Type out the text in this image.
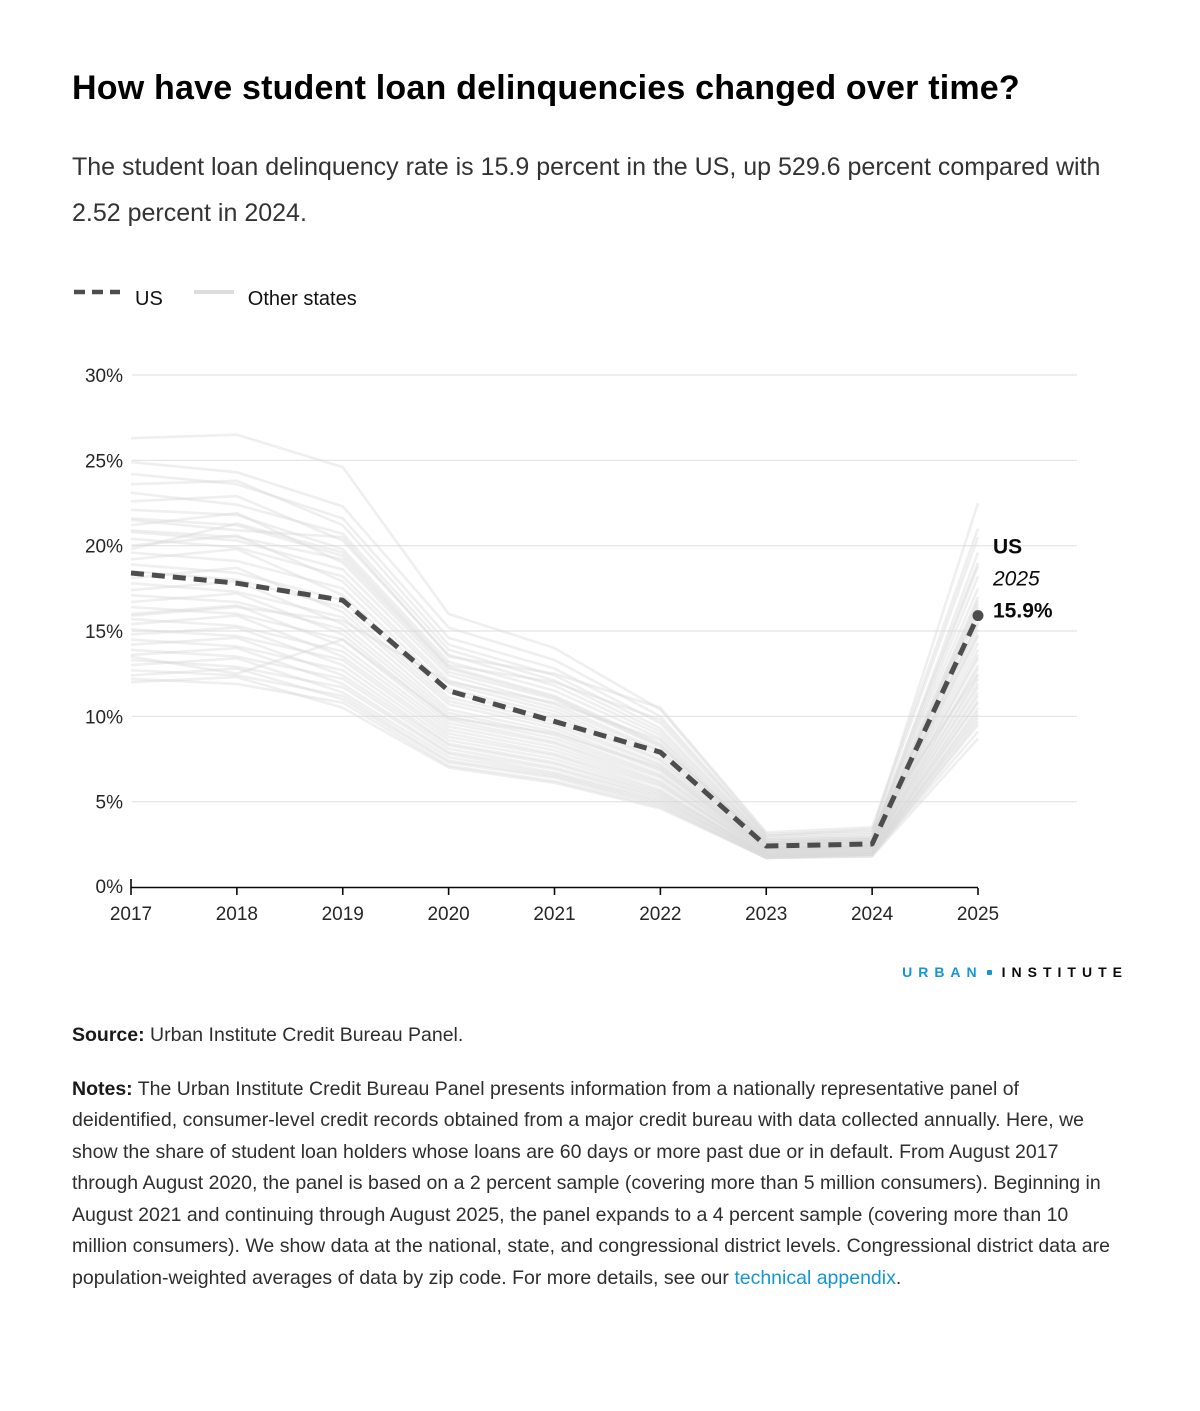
How have student loan delinquencies changed over time?

The student loan delinquency rate is 15.9 percent in the US, up 529.6 percent compared with 2.52 percent in 2024.

US	Other states
0%
5%
10%
15%
20%
25%
30%
2017	2018	2019	2020	2021	2022	2023	2024	2025
US
2025
15.9%
URBAN INSTITUTE

Source: Urban Institute Credit Bureau Panel.

Notes: The Urban Institute Credit Bureau Panel presents information from a nationally representative panel of deidentified, consumer-level credit records obtained from a major credit bureau with data collected annually. Here, we show the share of student loan holders whose loans are 60 days or more past due or in default. From August 2017 through August 2020, the panel is based on a 2 percent sample (covering more than 5 million consumers). Beginning in August 2021 and continuing through August 2025, the panel expands to a 4 percent sample (covering more than 10 million consumers). We show data at the national, state, and congressional district levels. Congressional district data are population-weighted averages of data by zip code. For more details, see our technical appendix.
